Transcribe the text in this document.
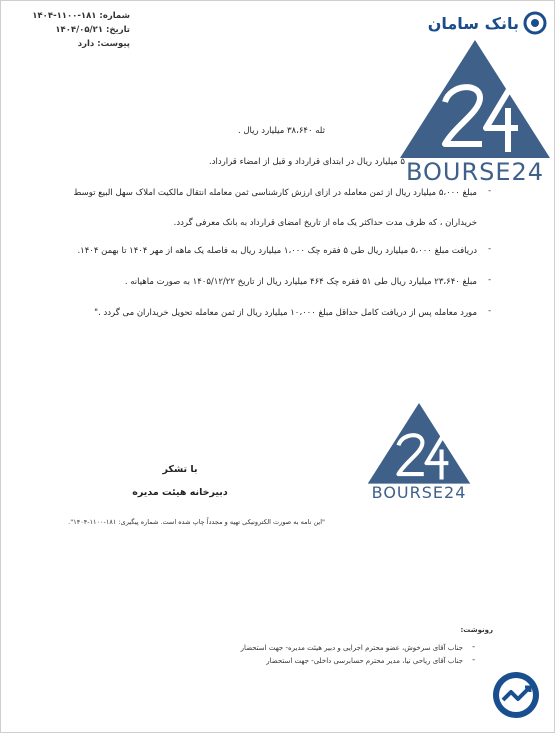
شماره: ۱۸۱-۱۱۰۰-۱۴۰۴
تاریخ: ۱۴۰۴/۰۵/۲۱
پیوست: دارد
بانک سامان
BOURSE24
ثله ۳۸،۶۴۰ میلیارد ریال .
۵ میلیارد ریال در ابتدای قرارداد و قبل از امضاء قرارداد.
-
مبلغ ۵،۰۰۰ میلیارد ریال از ثمن معامله در ازای ارزش کارشناسی ثمن معامله انتقال مالکیت املاک سهل البیع توسط
خریداران ، که ظرف مدت حداکثر یک ماه از تاریخ امضای قرارداد به بانک معرفی گردد.
-
دریافت مبلغ ۵،۰۰۰ میلیارد ریال طی ۵ فقره چک ۱،۰۰۰ میلیارد ریال به فاصله یک ماهه از مهر ۱۴۰۴ تا بهمن ۱۴۰۴.
-
مبلغ ۲۳،۶۴۰ میلیارد ریال طی ۵۱ فقره چک ۴۶۴ میلیارد ریال از تاریخ ۱۴۰۵/۱۲/۲۲ به صورت ماهیانه .
-
مورد معامله پس از دریافت کامل حداقل مبلغ ۱۰،۰۰۰ میلیارد ریال از ثمن معامله تحویل خریداران می گردد ."
BOURSE24
با تشکر
دبیرخانه هیئت مدیره
"این نامه به صورت الکترونیکی تهیه و مجدداً چاپ شده است. شماره پیگیری: ۱۸۱-۱۱۰۰-۱۴۰۴".
رونوشت:
-
جناب آقای سرخوش، عضو محترم اجرایی و دبیر هیئت مدیره- جهت استحضار
-
جناب آقای ریاحی نیا، مدیر محترم حسابرسی داخلی- جهت استحضار
